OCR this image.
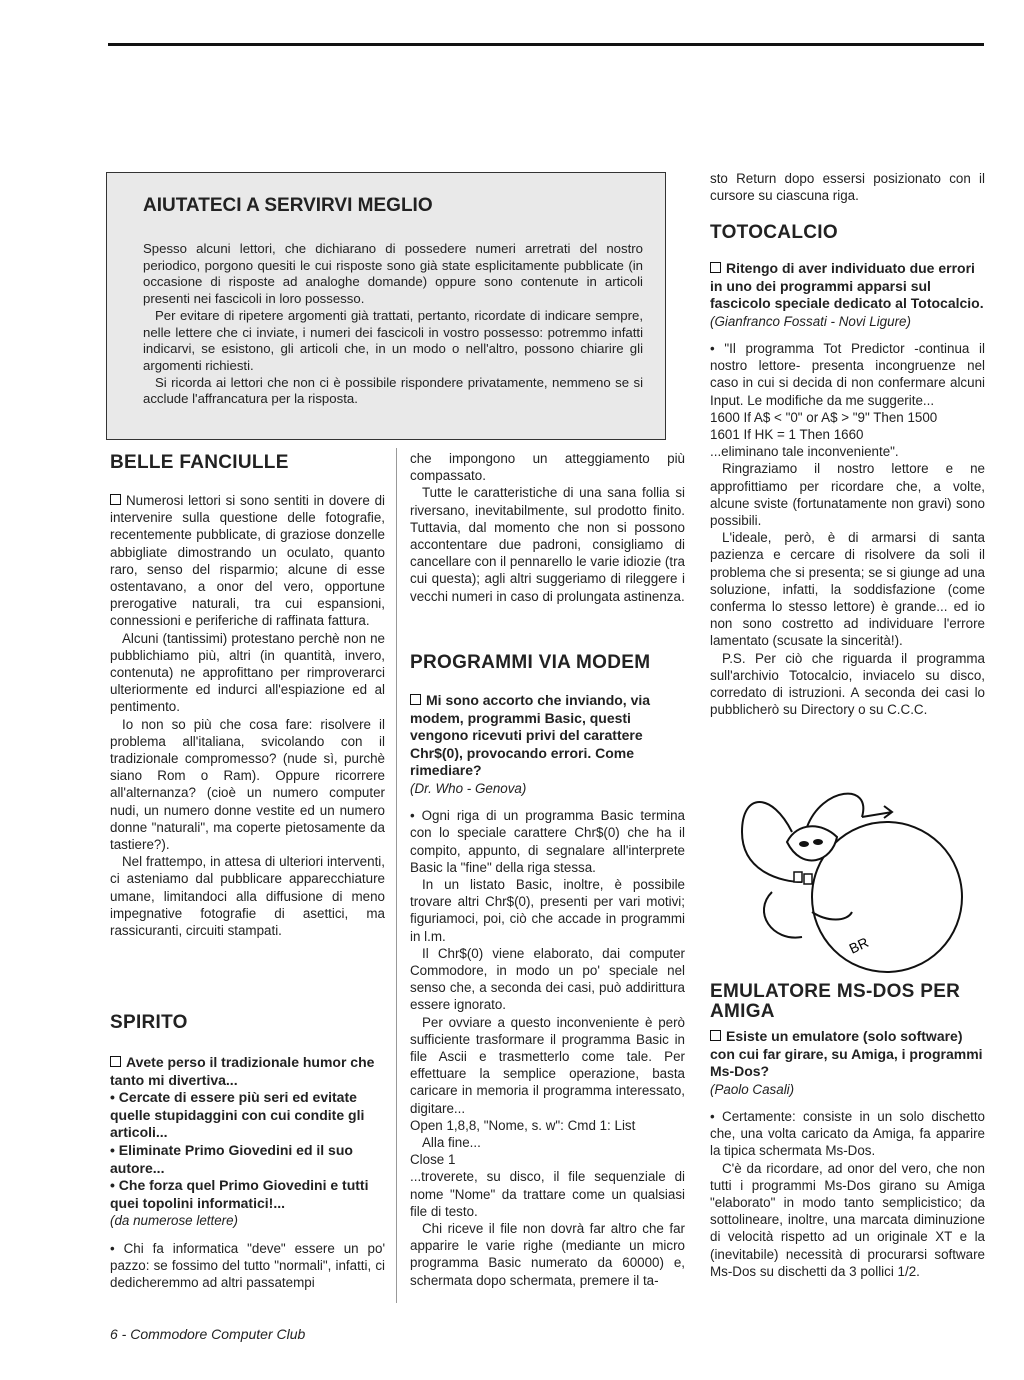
AIUTATECI A SERVIRVI MEGLIO

Spesso alcuni lettori, che dichiarano di possedere numeri arretrati del nostro periodico, porgono quesiti le cui risposte sono già state esplicitamente pubblicate (in occasione di risposte ad analoghe domande) oppure sono contenute in articoli presenti nei fascicoli in loro possesso.

Per evitare di ripetere argomenti già trattati, pertanto, ricordate di indicare sempre, nelle lettere che ci inviate, i numeri dei fascicoli in vostro possesso: potremmo infatti indicarvi, se esistono, gli articoli che, in un modo o nell'altro, possono chiarire gli argomenti richiesti.

Si ricorda ai lettori che non ci è possibile rispondere privatamente, nemmeno se si acclude l'affrancatura per la risposta.

BELLE FANCIULLE

Numerosi lettori si sono sentiti in dovere di intervenire sulla questione delle fotografie, recentemente pubblicate, di graziose donzelle abbigliate dimostrando un oculato, quanto raro, senso del risparmio; alcune di esse ostentavano, a onor del vero, opportune prerogative naturali, tra cui espansioni, connessioni e periferiche di raffinata fattura.

Alcuni (tantissimi) protestano perchè non ne pubblichiamo più, altri (in quantità, invero, contenuta) ne approfittano per rimproverarci ulteriormente ed indurci all'espiazione ed al pentimento.

Io non so più che cosa fare: risolvere il problema all'italiana, svicolando con il tradizionale compromesso? (nude sì, purchè siano Rom o Ram). Oppure ricorrere all'alternanza? (cioè un numero computer nudi, un numero donne vestite ed un numero donne "naturali", ma coperte pietosamente da tastiere?).

Nel frattempo, in attesa di ulteriori interventi, ci asteniamo dal pubblicare apparecchiature umane, limitandoci alla diffusione di meno impegnative fotografie di asettici, ma rassicuranti, circuiti stampati.

SPIRITO

Avete perso il tradizionale humor che tanto mi divertiva...

• Cercate di essere più seri ed evitate quelle stupidaggini con cui condite gli articoli...

• Eliminate Primo Giovedini ed il suo autore...

• Che forza quel Primo Giovedini e tutti quei topolini informatici!...

(da numerose lettere)

• Chi fa informatica "deve" essere un po' pazzo: se fossimo del tutto "normali", infatti, ci dedicheremmo ad altri passatempi

che impongono un atteggiamento più compassato.

Tutte le caratteristiche di una sana follia si riversano, inevitabilmente, sul prodotto finito. Tuttavia, dal momento che non si possono accontentare due padroni, consigliamo di cancellare con il pennarello le varie idiozie (tra cui questa); agli altri suggeriamo di rileggere i vecchi numeri in caso di prolungata astinenza.

PROGRAMMI VIA MODEM

Mi sono accorto che inviando, via modem, programmi Basic, questi vengono ricevuti privi del carattere Chr$(0), provocando errori. Come rimediare?

(Dr. Who - Genova)

• Ogni riga di un programma Basic termina con lo speciale carattere Chr$(0) che ha il compito, appunto, di segnalare all'interprete Basic la "fine" della riga stessa.

In un listato Basic, inoltre, è possibile trovare altri Chr$(0), presenti per vari motivi; figuriamoci, poi, ciò che accade in programmi in l.m.

Il Chr$(0) viene elaborato, dai computer Commodore, in modo un po' speciale nel senso che, a seconda dei casi, può addirittura essere ignorato.

Per ovviare a questo inconveniente è però sufficiente trasformare il programma Basic in file Ascii e trasmetterlo come tale. Per effettuare la semplice operazione, basta caricare in memoria il programma interessato, digitare...

Open 1,8,8, "Nome, s. w": Cmd 1: List

Alla fine...

Close 1

...troverete, su disco, il file sequenziale di nome "Nome" da trattare come un qualsiasi file di testo.

Chi riceve il file non dovrà far altro che far apparire le varie righe (mediante un micro programma Basic numerato da 60000) e, schermata dopo schermata, premere il ta-

sto Return dopo essersi posizionato con il cursore su ciascuna riga.

TOTOCALCIO

Ritengo di aver individuato due errori in uno dei programmi apparsi sul fascicolo speciale dedicato al Totocalcio.

(Gianfranco Fossati - Novi Ligure)

• "Il programma Tot Predictor -continua il nostro lettore- presenta incongruenze nel caso in cui si decida di non confermare alcuni Input. Le modifiche da me suggerite...

1600 If A$ < "0" or A$ > "9" Then 1500

1601 If HK = 1 Then 1660

...eliminano tale inconveniente".

Ringraziamo il nostro lettore e ne approfittiamo per ricordare che, a volte, alcune sviste (fortunatamente non gravi) sono possibili.

L'ideale, però, è di armarsi di santa pazienza e cercare di risolvere da soli il problema che si presenta; se si giunge ad una soluzione, infatti, la soddisfazione (come conferma lo stesso lettore) è grande... ed io non sono costretto ad individuare l'errore lamentato (scusate la sincerità!).

P.S. Per ciò che riguarda il programma sull'archivio Totocalcio, inviacelo su disco, corredato di istruzioni. A seconda dei casi lo pubblicherò su Directory o su C.C.C.

BR
EMULATORE MS-DOS PER AMIGA

Esiste un emulatore (solo software) con cui far girare, su Amiga, i programmi Ms-Dos?

(Paolo Casali)

• Certamente: consiste in un solo dischetto che, una volta caricato da Amiga, fa apparire la tipica schermata Ms-Dos.

C'è da ricordare, ad onor del vero, che non tutti i programmi Ms-Dos girano su Amiga "elaborato" in modo tanto semplicistico; da sottolineare, inoltre, una marcata diminuzione di velocità rispetto ad un originale XT e la (inevitabile) necessità di procurarsi software Ms-Dos su dischetti da 3 pollici 1/2.

6 - Commodore Computer Club
